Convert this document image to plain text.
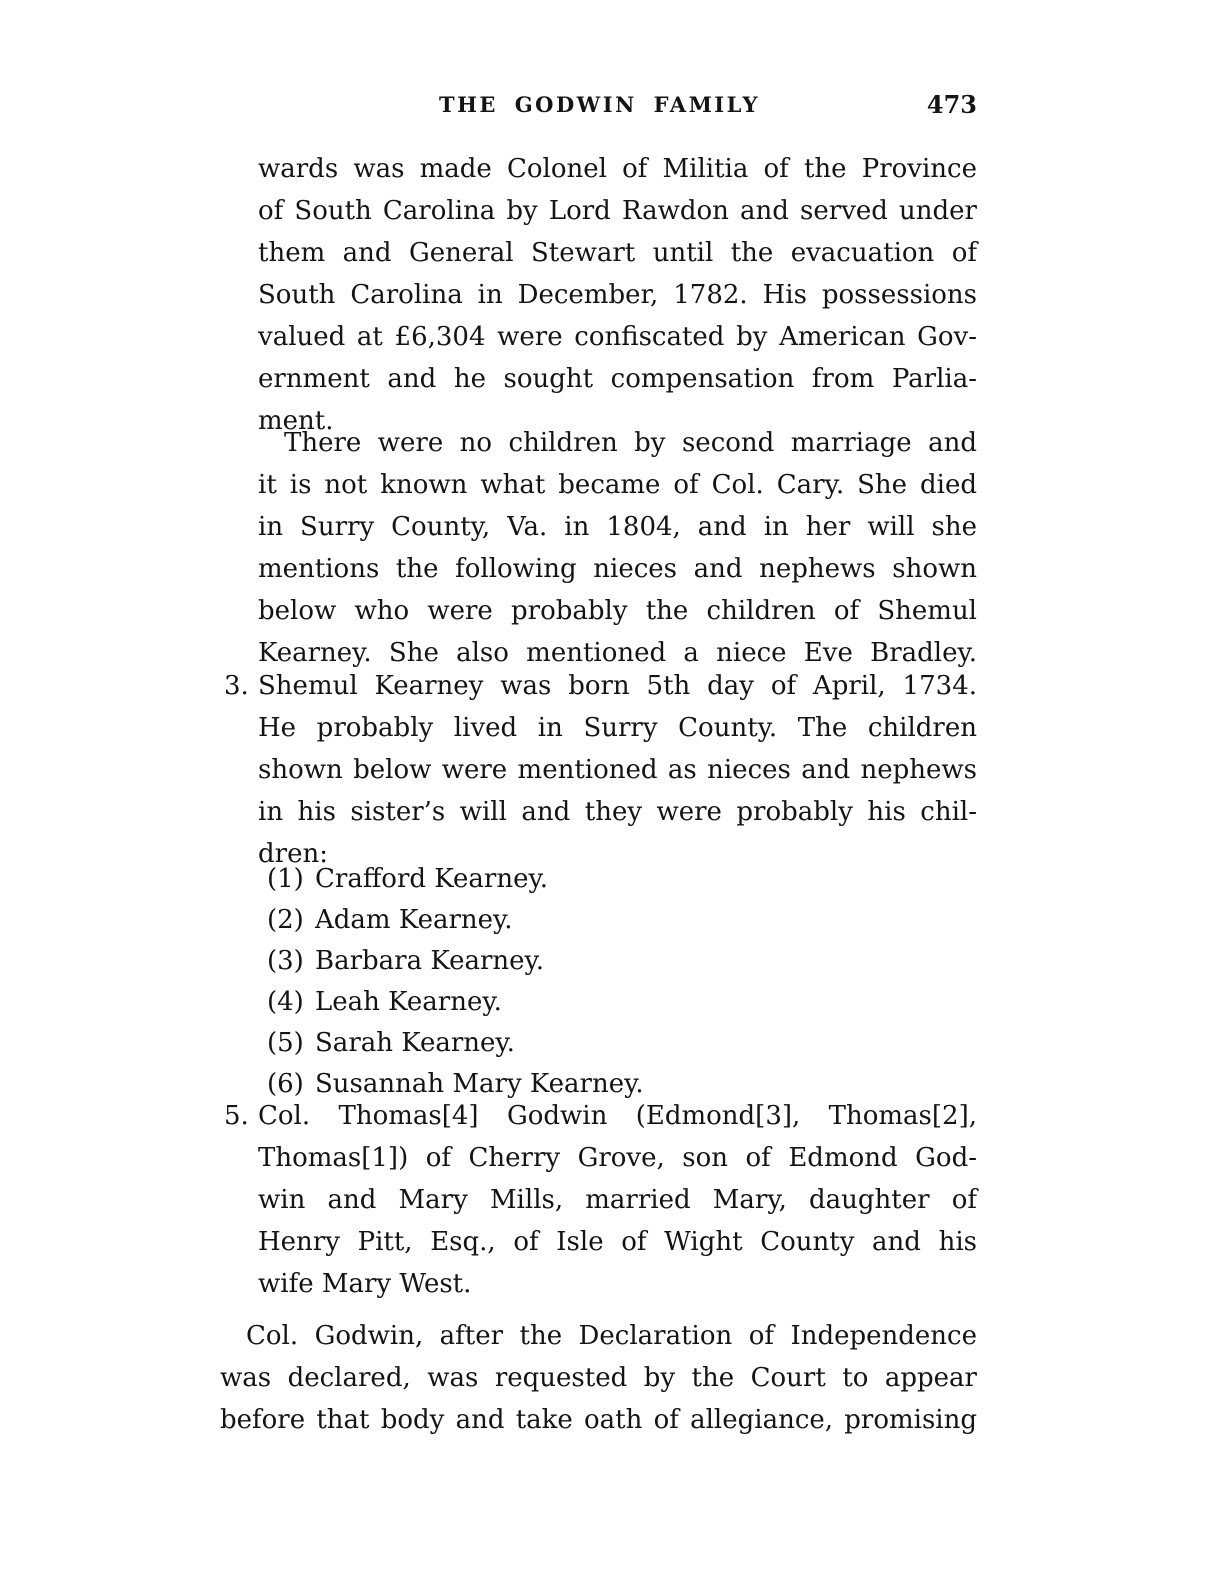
THE GODWIN FAMILY	473
wards was made Colonel of Militia of the Province
of South Carolina by Lord Rawdon and served under
them and General Stewart until the evacuation of
South Carolina in December, 1782. His possessions
valued at £6,304 were confiscated by American Gov-
ernment and he sought compensation from Parlia-
ment.
There were no children by second marriage and
it is not known what became of Col. Cary. She died
in Surry County, Va. in 1804, and in her will she
mentions the following nieces and nephews shown
below who were probably the children of Shemul
Kearney. She also mentioned a niece Eve Bradley.
3. Shemul Kearney was born 5th day of April, 1734.
He probably lived in Surry County. The children
shown below were mentioned as nieces and nephews
in his sister’s will and they were probably his chil-
dren:
(1) Crafford Kearney.
(2) Adam Kearney.
(3) Barbara Kearney.
(4) Leah Kearney.
(5) Sarah Kearney.
(6) Susannah Mary Kearney.
5. Col. Thomas[4] Godwin (Edmond[3], Thomas[2],
Thomas[1]) of Cherry Grove, son of Edmond God-
win and Mary Mills, married Mary, daughter of
Henry Pitt, Esq., of Isle of Wight County and his
wife Mary West.
Col. Godwin, after the Declaration of Independence
was declared, was requested by the Court to appear
before that body and take oath of allegiance, promising
